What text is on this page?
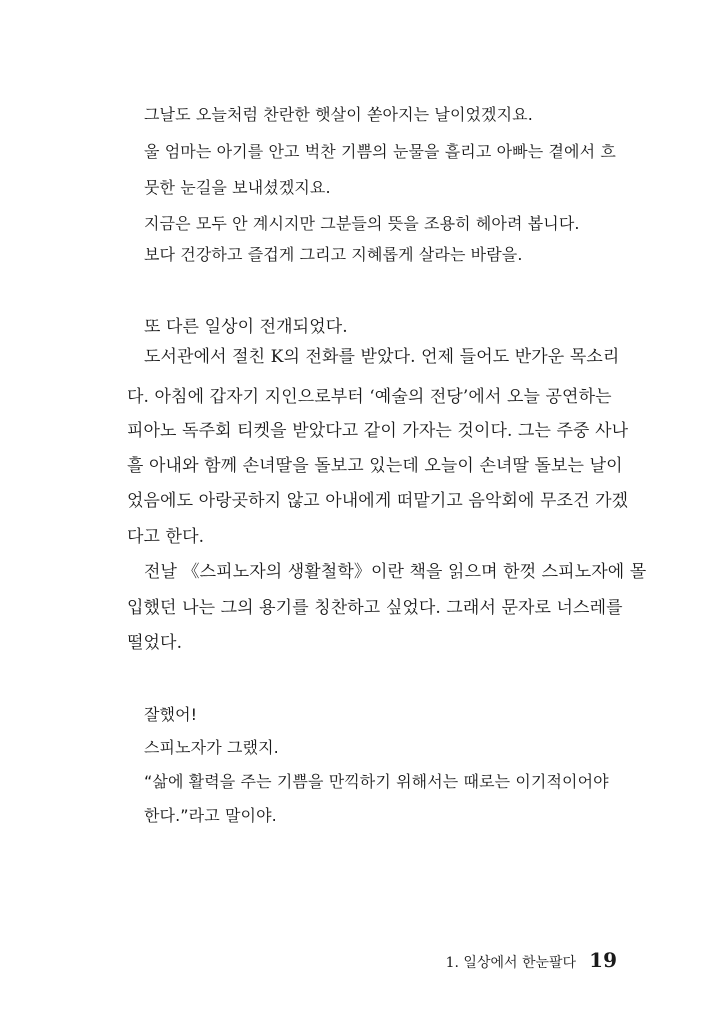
그날도 오늘처럼 찬란한 햇살이 쏟아지는 날이었겠지요.
울 엄마는 아기를 안고 벅찬 기쁨의 눈물을 흘리고 아빠는 곁에서 흐
뭇한 눈길을 보내셨겠지요.
지금은 모두 안 계시지만 그분들의 뜻을 조용히 헤아려 봅니다.
보다 건강하고 즐겁게 그리고 지혜롭게 살라는 바람을.
또 다른 일상이 전개되었다.
도서관에서 절친 K의 전화를 받았다. 언제 들어도 반가운 목소리
다. 아침에 갑자기 지인으로부터 ‘예술의 전당’에서 오늘 공연하는
피아노 독주회 티켓을 받았다고 같이 가자는 것이다. 그는 주중 사나
흘 아내와 함께 손녀딸을 돌보고 있는데 오늘이 손녀딸 돌보는 날이
었음에도 아랑곳하지 않고 아내에게 떠맡기고 음악회에 무조건 가겠
다고 한다.
전날 《스피노자의 생활철학》이란 책을 읽으며 한껏 스피노자에 몰
입했던 나는 그의 용기를 칭찬하고 싶었다. 그래서 문자로 너스레를
떨었다.
잘했어!
스피노자가 그랬지.
“삶에 활력을 주는 기쁨을 만끽하기 위해서는 때로는 이기적이어야
한다.”라고 말이야.
1. 일상에서 한눈팔다 19
